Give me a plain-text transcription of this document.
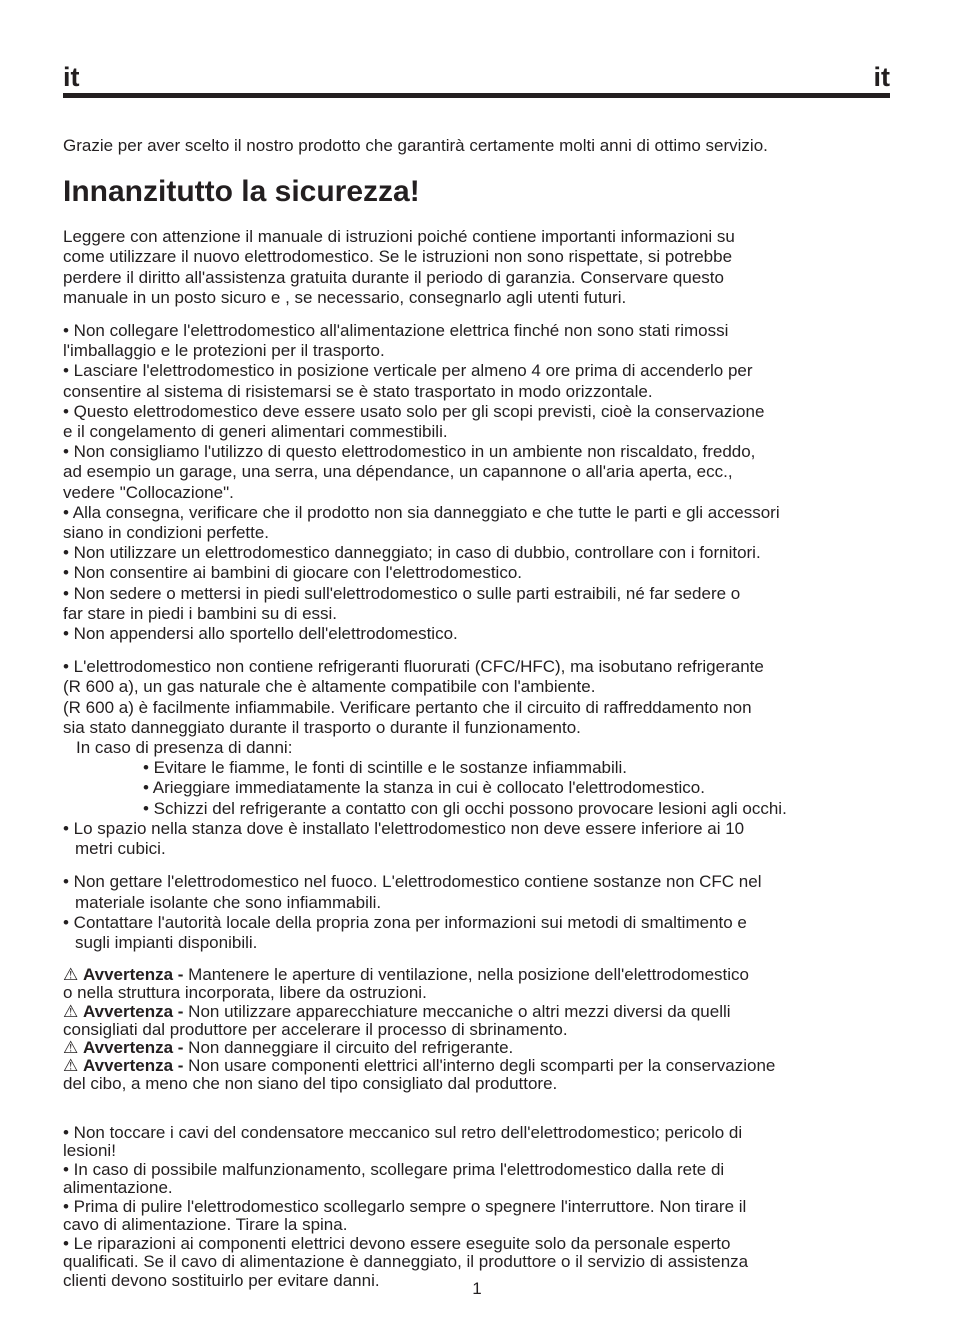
it	it

Grazie per aver scelto il nostro prodotto che garantirà certamente molti anni di ottimo servizio.

Innanzitutto la sicurezza!
Leggere con attenzione il manuale di istruzioni poiché contiene importanti informazioni su
come utilizzare il nuovo elettrodomestico. Se le istruzioni non sono rispettate, si potrebbe
perdere il diritto all'assistenza gratuita durante il periodo di garanzia. Conservare questo
manuale in un posto sicuro e , se necessario, consegnarlo agli utenti futuri.
• Non collegare l'elettrodomestico all'alimentazione elettrica finché non sono stati rimossi
l'imballaggio e le protezioni per il trasporto.
• Lasciare l'elettrodomestico in posizione verticale per almeno 4 ore prima di accenderlo per
consentire al sistema di risistemarsi se è stato trasportato in modo orizzontale.
• Questo elettrodomestico deve essere usato solo per gli scopi previsti, cioè la conservazione
e il congelamento di generi alimentari commestibili.
• Non consigliamo l'utilizzo di questo elettrodomestico in un ambiente non riscaldato, freddo,
ad esempio un garage, una serra, una dépendance, un capannone o all'aria aperta, ecc.,
vedere "Collocazione".
• Alla consegna, verificare che il prodotto non sia danneggiato e che tutte le parti e gli accessori
siano in condizioni perfette.
• Non utilizzare un elettrodomestico danneggiato; in caso di dubbio, controllare con i fornitori.
• Non consentire ai bambini di giocare con l'elettrodomestico.
• Non sedere o mettersi in piedi sull'elettrodomestico o sulle parti estraibili, né far sedere o
far stare in piedi i bambini su di essi.
• Non appendersi allo sportello dell'elettrodomestico.
• L'elettrodomestico non contiene refrigeranti fluorurati (CFC/HFC), ma isobutano refrigerante
(R 600 a), un gas naturale che è altamente compatibile con l'ambiente.
(R 600 a) è facilmente infiammabile. Verificare pertanto che il circuito di raffreddamento non
sia stato danneggiato durante il trasporto o durante il funzionamento.
In caso di presenza di danni:
• Evitare le fiamme, le fonti di scintille e le sostanze infiammabili.
• Arieggiare immediatamente la stanza in cui è collocato l'elettrodomestico.
• Schizzi del refrigerante a contatto con gli occhi possono provocare lesioni agli occhi.
• Lo spazio nella stanza dove è installato l'elettrodomestico non deve essere inferiore ai 10
metri cubici.
• Non gettare l'elettrodomestico nel fuoco. L'elettrodomestico contiene sostanze non CFC nel
materiale isolante che sono infiammabili.
• Contattare l'autorità locale della propria zona per informazioni sui metodi di smaltimento e
sugli impianti disponibili.
⚠ Avvertenza - Mantenere le aperture di ventilazione, nella posizione dell'elettrodomestico
o nella struttura incorporata, libere da ostruzioni.
⚠ Avvertenza - Non utilizzare apparecchiature meccaniche o altri mezzi diversi da quelli
consigliati dal produttore per accelerare il processo di sbrinamento.
⚠ Avvertenza - Non danneggiare il circuito del refrigerante.
⚠ Avvertenza - Non usare componenti elettrici all'interno degli scomparti per la conservazione
del cibo, a meno che non siano del tipo consigliato dal produttore.
• Non toccare i cavi del condensatore meccanico sul retro dell'elettrodomestico; pericolo di
lesioni!
• In caso di possibile malfunzionamento, scollegare prima l'elettrodomestico dalla rete di
alimentazione.
• Prima di pulire l'elettrodomestico scollegarlo sempre o spegnere l'interruttore. Non tirare il
cavo di alimentazione. Tirare la spina.
• Le riparazioni ai componenti elettrici devono essere eseguite solo da personale esperto
qualificati. Se il cavo di alimentazione è danneggiato, il produttore o il servizio di assistenza
clienti devono sostituirlo per evitare danni.	1
